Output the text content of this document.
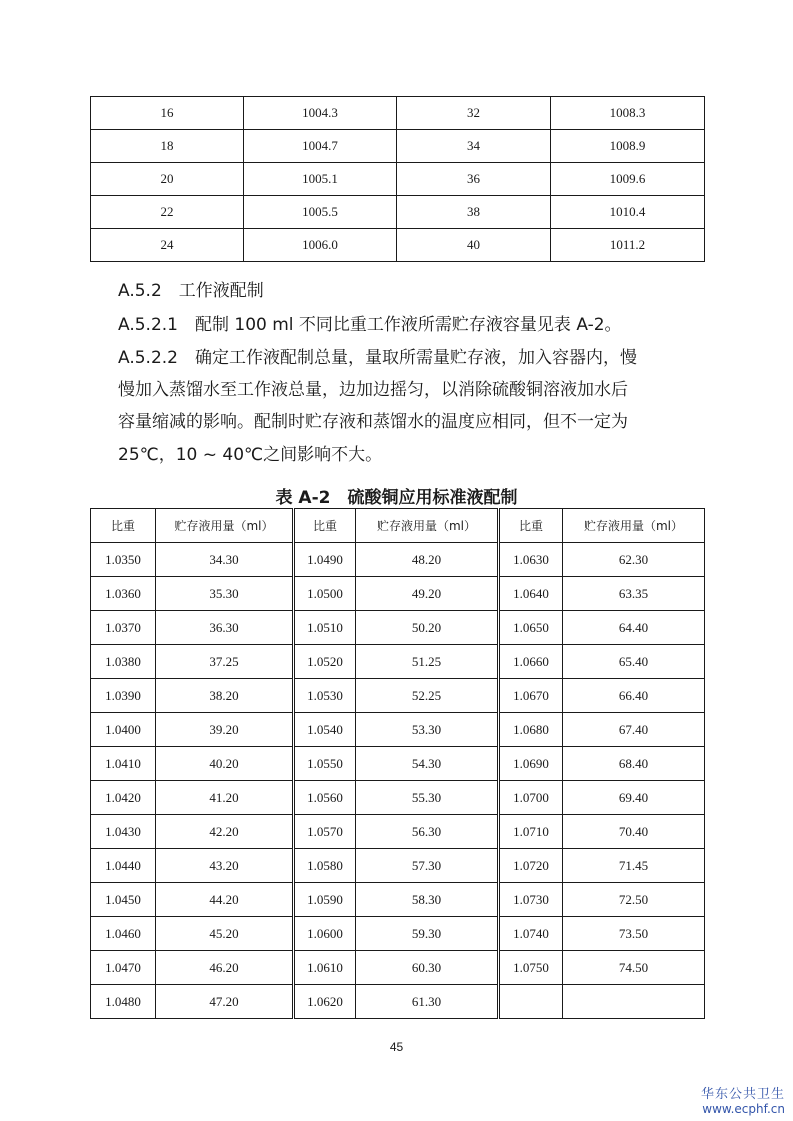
16	1004.3	32	1008.3
18	1004.7	34	1008.9
20	1005.1	36	1009.6
22	1005.5	38	1010.4
24	1006.0	40	1011.2
A.5.2　工作液配制
A.5.2.1　配制 100 ml 不同比重工作液所需贮存液容量见表 A-2。
A.5.2.2　确定工作液配制总量，量取所需量贮存液，加入容器内，慢
慢加入蒸馏水至工作液总量，边加边摇匀，以消除硫酸铜溶液加水后
容量缩减的影响。配制时贮存液和蒸馏水的温度应相同，但不一定为
25℃，10 ~ 40℃之间影响不大。
表 A-2　硫酸铜应用标准液配制
比重	贮存液用量（ml）	比重	贮存液用量（ml）	比重	贮存液用量（ml）
1.0350	34.30	1.0490	48.20	1.0630	62.30
1.0360	35.30	1.0500	49.20	1.0640	63.35
1.0370	36.30	1.0510	50.20	1.0650	64.40
1.0380	37.25	1.0520	51.25	1.0660	65.40
1.0390	38.20	1.0530	52.25	1.0670	66.40
1.0400	39.20	1.0540	53.30	1.0680	67.40
1.0410	40.20	1.0550	54.30	1.0690	68.40
1.0420	41.20	1.0560	55.30	1.0700	69.40
1.0430	42.20	1.0570	56.30	1.0710	70.40
1.0440	43.20	1.0580	57.30	1.0720	71.45
1.0450	44.20	1.0590	58.30	1.0730	72.50
1.0460	45.20	1.0600	59.30	1.0740	73.50
1.0470	46.20	1.0610	60.30	1.0750	74.50
1.0480	47.20	1.0620	61.30		
45
华东公共卫生
www.ecphf.cn
